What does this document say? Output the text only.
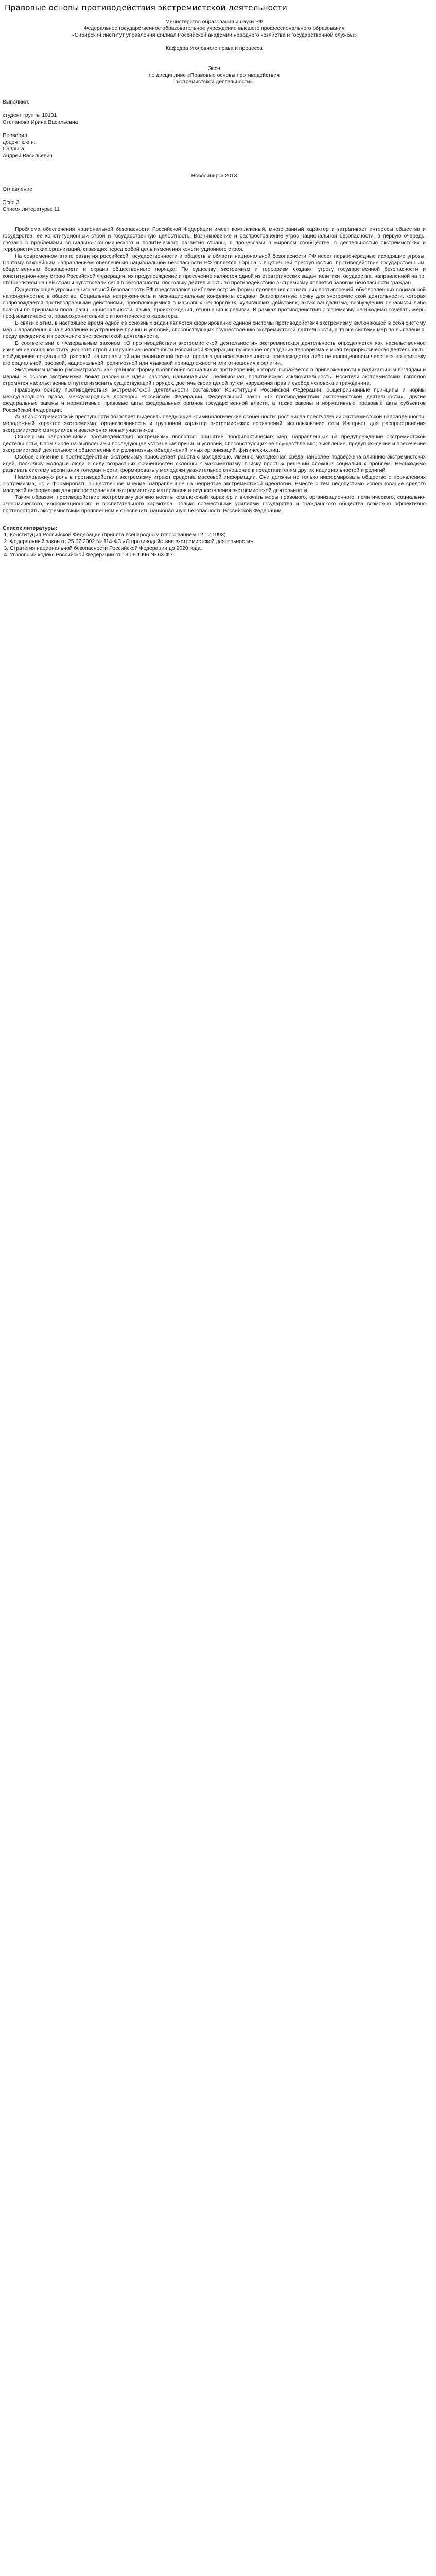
Правовые основы противодействия экстремистской деятельности
Министерство образования и науки РФ
Федеральное государственное образовательное учреждение высшего профессионального образования
«Сибирский институт управления филиал Российской академии народного хозяйства и государственной службы»
Кафедра Уголовного права и процесса
Эссе
по дисциплине «Правовые основы противодействия
экстремистской деятельности»
Выполнил:
студент группы 10131
Степанова Ирина Васильевна
Проверил:
доцент к.ю.н.
Сапрыга
Андрей Васильевич
Новосибирск 2013
Оглавление
Эссе 3
Список литературы: 11

Проблема обеспечения национальной безопасности Российской Федерации имеет комплексный, многогранный характер и затрагивает интересы общества и государства, ее конституционный строй и государственную целостность. Возникновение и распространение угроз национальной безопасности, в первую очередь, связано с проблемами социально-экономического и политического развития страны, с процессами в мировом сообществе, с деятельностью экстремистских и террористических организаций, ставящих перед собой цель изменения конституционного строя.

На современном этапе развития российской государственности и обществ в области национальной безопасности РФ несет первоочередные исходящие угрозы. Поэтому важнейшим направлением обеспечения национальной безопасности РФ является борьба с внутренней преступностью, противодействие государственным, общественным безопасности и охрана общественного порядка. По существу, экстремизм и терроризм создают угрозу государственной безопасности и конституционному строю Российской Федерации, их предупреждение и пресечение являются одной из стратегических задач политики государства, направленной на то, чтобы жители нашей страны чувствовали себя в безопасности, поскольку деятельность по противодействию экстремизму является залогом безопасности граждан.

Существующие угрозы национальной безопасности РФ представляют наиболее острые формы проявления социальных противоречий, обусловленных социальной напряженностью в обществе. Социальная напряженность и межнациональные конфликты создают благоприятную почву для экстремистской деятельности, которая сопровождается противоправными действиями, проявляющимися в массовых беспорядках, хулиганских действиях, актах вандализма, возбуждении ненависти либо вражды по признакам пола, расы, национальности, языка, происхождения, отношения к религии. В рамках противодействия экстремизму необходимо сочетать меры профилактического, правоохранительного и политического характера.

В связи с этим, в настоящее время одной из основных задач является формирование единой системы противодействия экстремизму, включающей в себя систему мер, направленных на выявление и устранение причин и условий, способствующих осуществлению экстремистской деятельности, а также систему мер по выявлению, предупреждению и пресечению экстремистской деятельности.

В соответствии с Федеральным законом «О противодействии экстремистской деятельности» экстремистская деятельность определяется как насильственное изменение основ конституционного строя и нарушение целостности Российской Федерации; публичное оправдание терроризма и иная террористическая деятельность; возбуждение социальной, расовой, национальной или религиозной розни; пропаганда исключительности, превосходства либо неполноценности человека по признаку его социальной, расовой, национальной, религиозной или языковой принадлежности или отношения к религии.

Экстремизм можно рассматривать как крайнюю форму проявления социальных противоречий, которая выражается в приверженности к радикальным взглядам и мерам. В основе экстремизма лежат различные идеи: расовая, национальная, религиозная, политическая исключительность. Носители экстремистских взглядов стремятся насильственным путем изменить существующий порядок, достичь своих целей путем нарушения прав и свобод человека и гражданина.

Правовую основу противодействия экстремистской деятельности составляют Конституция Российской Федерации, общепризнанные принципы и нормы международного права, международные договоры Российской Федерации, Федеральный закон «О противодействии экстремистской деятельности», другие федеральные законы и нормативные правовые акты федеральных органов государственной власти, а также законы и нормативные правовые акты субъектов Российской Федерации.

Анализ экстремистской преступности позволяет выделить следующие криминологические особенности: рост числа преступлений экстремистской направленности; молодежный характер экстремизма; организованность и групповой характер экстремистских проявлений; использование сети Интернет для распространения экстремистских материалов и вовлечения новых участников.

Основными направлениями противодействия экстремизму являются: принятие профилактических мер, направленных на предупреждение экстремистской деятельности, в том числе на выявление и последующее устранение причин и условий, способствующих ее осуществлению; выявление, предупреждение и пресечение экстремистской деятельности общественных и религиозных объединений, иных организаций, физических лиц.

Особое значение в противодействии экстремизму приобретает работа с молодежью. Именно молодежная среда наиболее подвержена влиянию экстремистских идей, поскольку молодые люди в силу возрастных особенностей склонны к максимализму, поиску простых решений сложных социальных проблем. Необходимо развивать систему воспитания толерантности, формировать у молодежи уважительное отношение к представителям других национальностей и религий.

Немаловажную роль в противодействии экстремизму играют средства массовой информации. Они должны не только информировать общество о проявлениях экстремизма, но и формировать общественное мнение, направленное на неприятие экстремистской идеологии. Вместе с тем недопустимо использование средств массовой информации для распространения экстремистских материалов и осуществления экстремистской деятельности.

Таким образом, противодействие экстремизму должно носить комплексный характер и включать меры правового, организационного, политического, социально-экономического, информационного и воспитательного характера. Только совместными усилиями государства и гражданского общества возможно эффективно противостоять экстремистским проявлениям и обеспечить национальную безопасность Российской Федерации.

Список литературы:
1. Конституция Российской Федерации (принята всенародным голосованием 12.12.1993).
2. Федеральный закон от 25.07.2002 № 114-ФЗ «О противодействии экстремистской деятельности».
3. Стратегия национальной безопасности Российской Федерации до 2020 года.
4. Уголовный кодекс Российской Федерации от 13.06.1996 № 63-ФЗ.
